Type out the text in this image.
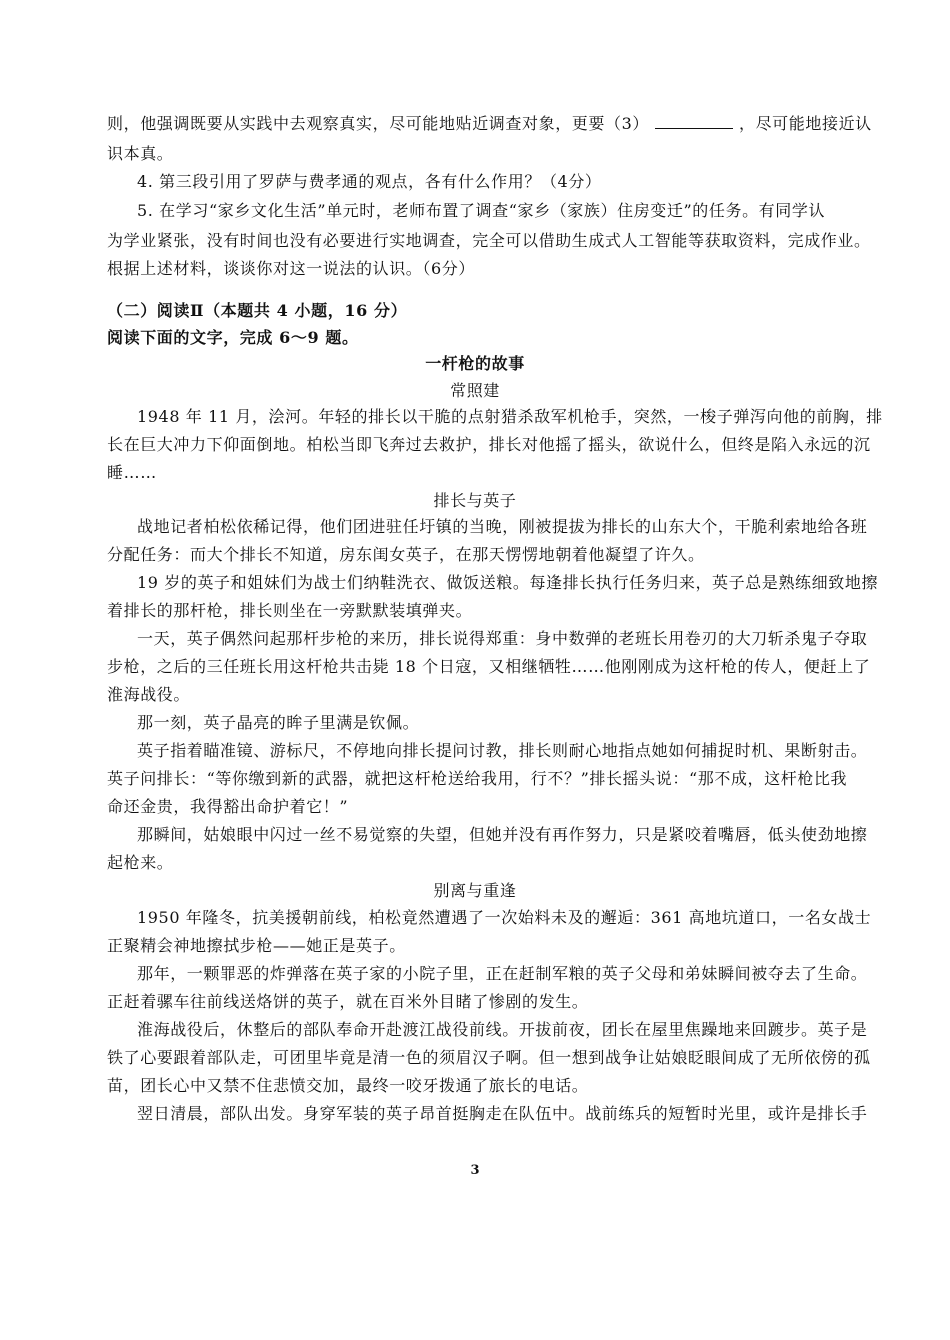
则，他强调既要从实践中去观察真实，尽可能地贴近调查对象，更要（3）	，尽可能地接近认
识本真。
4. 第三段引用了罗萨与费孝通的观点，各有什么作用？（4分）
5. 在学习“家乡文化生活”单元时，老师布置了调查“家乡（家族）住房变迁”的任务。有同学认
为学业紧张，没有时间也没有必要进行实地调查，完全可以借助生成式人工智能等获取资料，完成作业。
根据上述材料，谈谈你对这一说法的认识。（6分）
（二）阅读Ⅱ（本题共 4 小题，16 分）
阅读下面的文字，完成 6～9 题。
一杆枪的故事
常照建
1948 年 11 月，浍河。年轻的排长以干脆的点射猎杀敌军机枪手，突然，一梭子弹泻向他的前胸，排
长在巨大冲力下仰面倒地。柏松当即飞奔过去救护，排长对他摇了摇头，欲说什么，但终是陷入永远的沉
睡……
排长与英子
战地记者柏松依稀记得，他们团进驻任圩镇的当晚，刚被提拔为排长的山东大个，干脆利索地给各班
分配任务：而大个排长不知道，房东闺女英子，在那天愣愣地朝着他凝望了许久。
19 岁的英子和姐妹们为战士们纳鞋洗衣、做饭送粮。每逢排长执行任务归来，英子总是熟练细致地擦
着排长的那杆枪，排长则坐在一旁默默装填弹夹。
一天，英子偶然问起那杆步枪的来历，排长说得郑重：身中数弹的老班长用卷刃的大刀斩杀鬼子夺取
步枪，之后的三任班长用这杆枪共击毙 18 个日寇，又相继牺牲……他刚刚成为这杆枪的传人，便赶上了
淮海战役。
那一刻，英子晶亮的眸子里满是钦佩。
英子指着瞄准镜、游标尺，不停地向排长提问讨教，排长则耐心地指点她如何捕捉时机、果断射击。
英子问排长：“等你缴到新的武器，就把这杆枪送给我用，行不？”排长摇头说：“那不成，这杆枪比我
命还金贵，我得豁出命护着它！”
那瞬间，姑娘眼中闪过一丝不易觉察的失望，但她并没有再作努力，只是紧咬着嘴唇，低头使劲地擦
起枪来。
别离与重逢
1950 年隆冬，抗美援朝前线，柏松竟然遭遇了一次始料未及的邂逅：361 高地坑道口，一名女战士
正聚精会神地擦拭步枪——她正是英子。
那年，一颗罪恶的炸弹落在英子家的小院子里，正在赶制军粮的英子父母和弟妹瞬间被夺去了生命。
正赶着骡车往前线送烙饼的英子，就在百米外目睹了惨剧的发生。
淮海战役后，休整后的部队奉命开赴渡江战役前线。开拔前夜，团长在屋里焦躁地来回踱步。英子是
铁了心要跟着部队走，可团里毕竟是清一色的须眉汉子啊。但一想到战争让姑娘眨眼间成了无所依傍的孤
苗，团长心中又禁不住悲愤交加，最终一咬牙拨通了旅长的电话。
翌日清晨，部队出发。身穿军装的英子昂首挺胸走在队伍中。战前练兵的短暂时光里，或许是排长手
3
